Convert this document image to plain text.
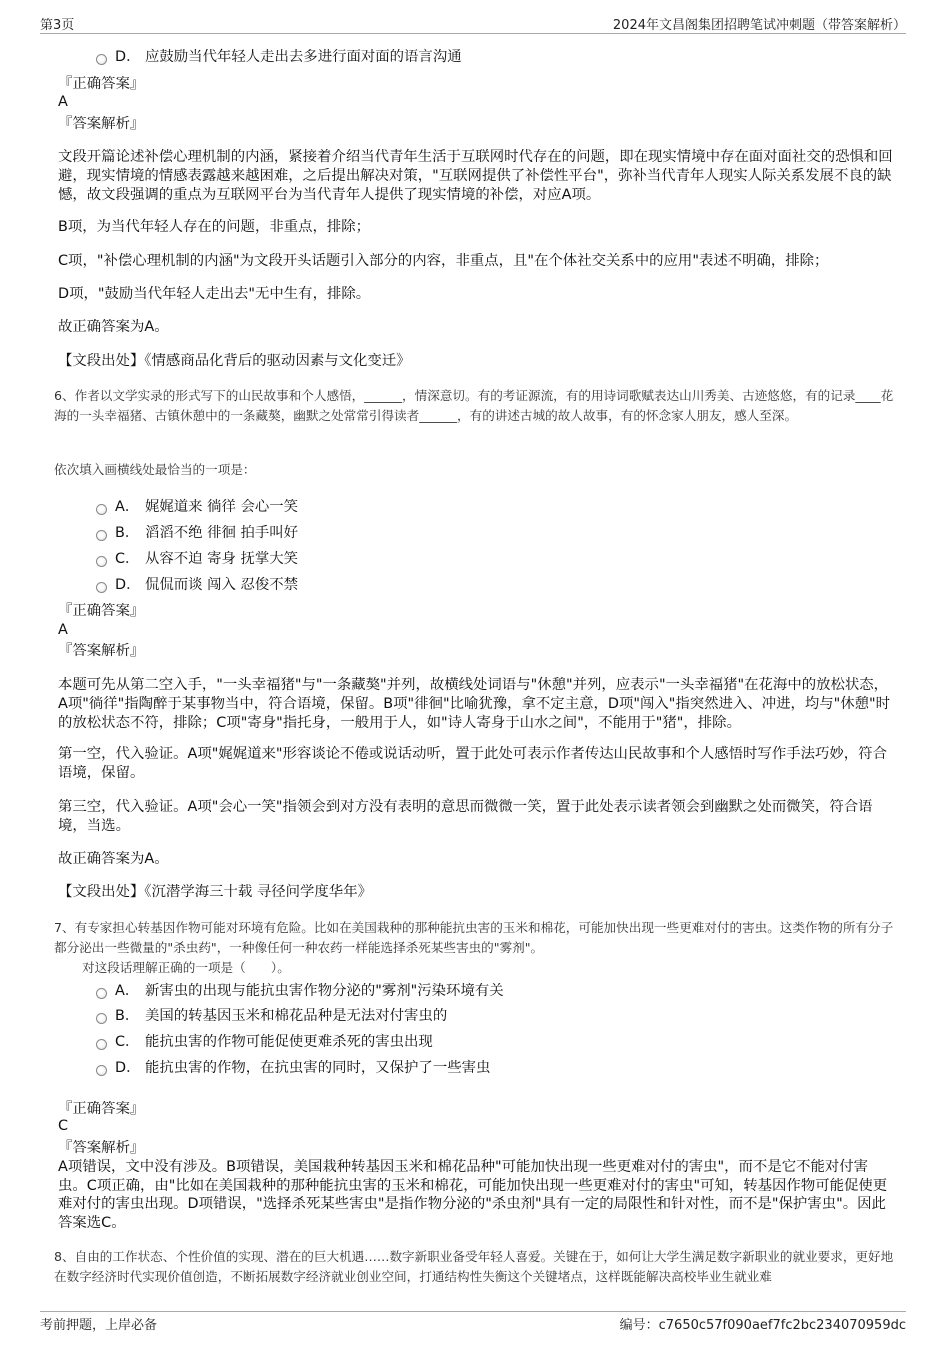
第3页	2024年文昌阁集团招聘笔试冲刺题（带答案解析）
D． 应鼓励当代年轻人走出去多进行面对面的语言沟通
『正确答案』
A
『答案解析』
文段开篇论述补偿心理机制的内涵，紧接着介绍当代青年生活于互联网时代存在的问题，即在现实情境中存在面对面社交的恐惧和回避，现实情境的情感表露越来越困难，之后提出解决对策，"互联网提供了补偿性平台"，弥补当代青年人现实人际关系发展不良的缺憾，故文段强调的重点为互联网平台为当代青年人提供了现实情境的补偿，对应A项。
B项，为当代年轻人存在的问题，非重点，排除；
C项，"补偿心理机制的内涵"为文段开头话题引入部分的内容，非重点，且"在个体社交关系中的应用"表述不明确，排除；
D项，"鼓励当代年轻人走出去"无中生有，排除。
故正确答案为A。
【文段出处】《情感商品化背后的驱动因素与文化变迁》
6、作者以文学实录的形式写下的山民故事和个人感悟，______，情深意切。有的考证源流，有的用诗词歌赋表达山川秀美、古迹悠悠，有的记录____花海的一头幸福猪、古镇休憩中的一条藏獒，幽默之处常常引得读者______，有的讲述古城的故人故事，有的怀念家人朋友，感人至深。
依次填入画横线处最恰当的一项是：
A． 娓娓道来 徜徉 会心一笑
B． 滔滔不绝 徘徊 拍手叫好
C． 从容不迫 寄身 抚掌大笑
D． 侃侃而谈 闯入 忍俊不禁
『正确答案』
A
『答案解析』
本题可先从第二空入手，"一头幸福猪"与"一条藏獒"并列，故横线处词语与"休憩"并列，应表示"一头幸福猪"在花海中的放松状态，A项"徜徉"指陶醉于某事物当中，符合语境，保留。B项"徘徊"比喻犹豫，拿不定主意，D项"闯入"指突然进入、冲进，均与"休憩"时的放松状态不符，排除；C项"寄身"指托身，一般用于人，如"诗人寄身于山水之间"，不能用于"猪"，排除。
第一空，代入验证。A项"娓娓道来"形容谈论不倦或说话动听，置于此处可表示作者传达山民故事和个人感悟时写作手法巧妙，符合语境，保留。
第三空，代入验证。A项"会心一笑"指领会到对方没有表明的意思而微微一笑，置于此处表示读者领会到幽默之处而微笑，符合语境，当选。
故正确答案为A。
【文段出处】《沉潜学海三十载 寻径问学度华年》
7、有专家担心转基因作物可能对环境有危险。比如在美国栽种的那种能抗虫害的玉米和棉花，可能加快出现一些更难对付的害虫。这类作物的所有分子都分泌出一些微量的"杀虫药"，一种像任何一种农药一样能选择杀死某些害虫的"雾剂"。
对这段话理解正确的一项是（　　）。
A． 新害虫的出现与能抗虫害作物分泌的"雾剂"污染环境有关
B． 美国的转基因玉米和棉花品种是无法对付害虫的
C． 能抗虫害的作物可能促使更难杀死的害虫出现
D． 能抗虫害的作物，在抗虫害的同时，又保护了一些害虫
『正确答案』
C
『答案解析』
A项错误，文中没有涉及。B项错误，美国栽种转基因玉米和棉花品种"可能加快出现一些更难对付的害虫"，而不是它不能对付害虫。C项正确，由"比如在美国栽种的那种能抗虫害的玉米和棉花，可能加快出现一些更难对付的害虫"可知，转基因作物可能促使更难对付的害虫出现。D项错误，"选择杀死某些害虫"是指作物分泌的"杀虫剂"具有一定的局限性和针对性，而不是"保护害虫"。因此答案选C。
8、自由的工作状态、个性价值的实现、潜在的巨大机遇……数字新职业备受年轻人喜爱。关键在于，如何让大学生满足数字新职业的就业要求，更好地在数字经济时代实现价值创造，不断拓展数字经济就业创业空间，打通结构性失衡这个关键堵点，这样既能解决高校毕业生就业难
考前押题，上岸必备	编号：c7650c57f090aef7fc2bc234070959dc
